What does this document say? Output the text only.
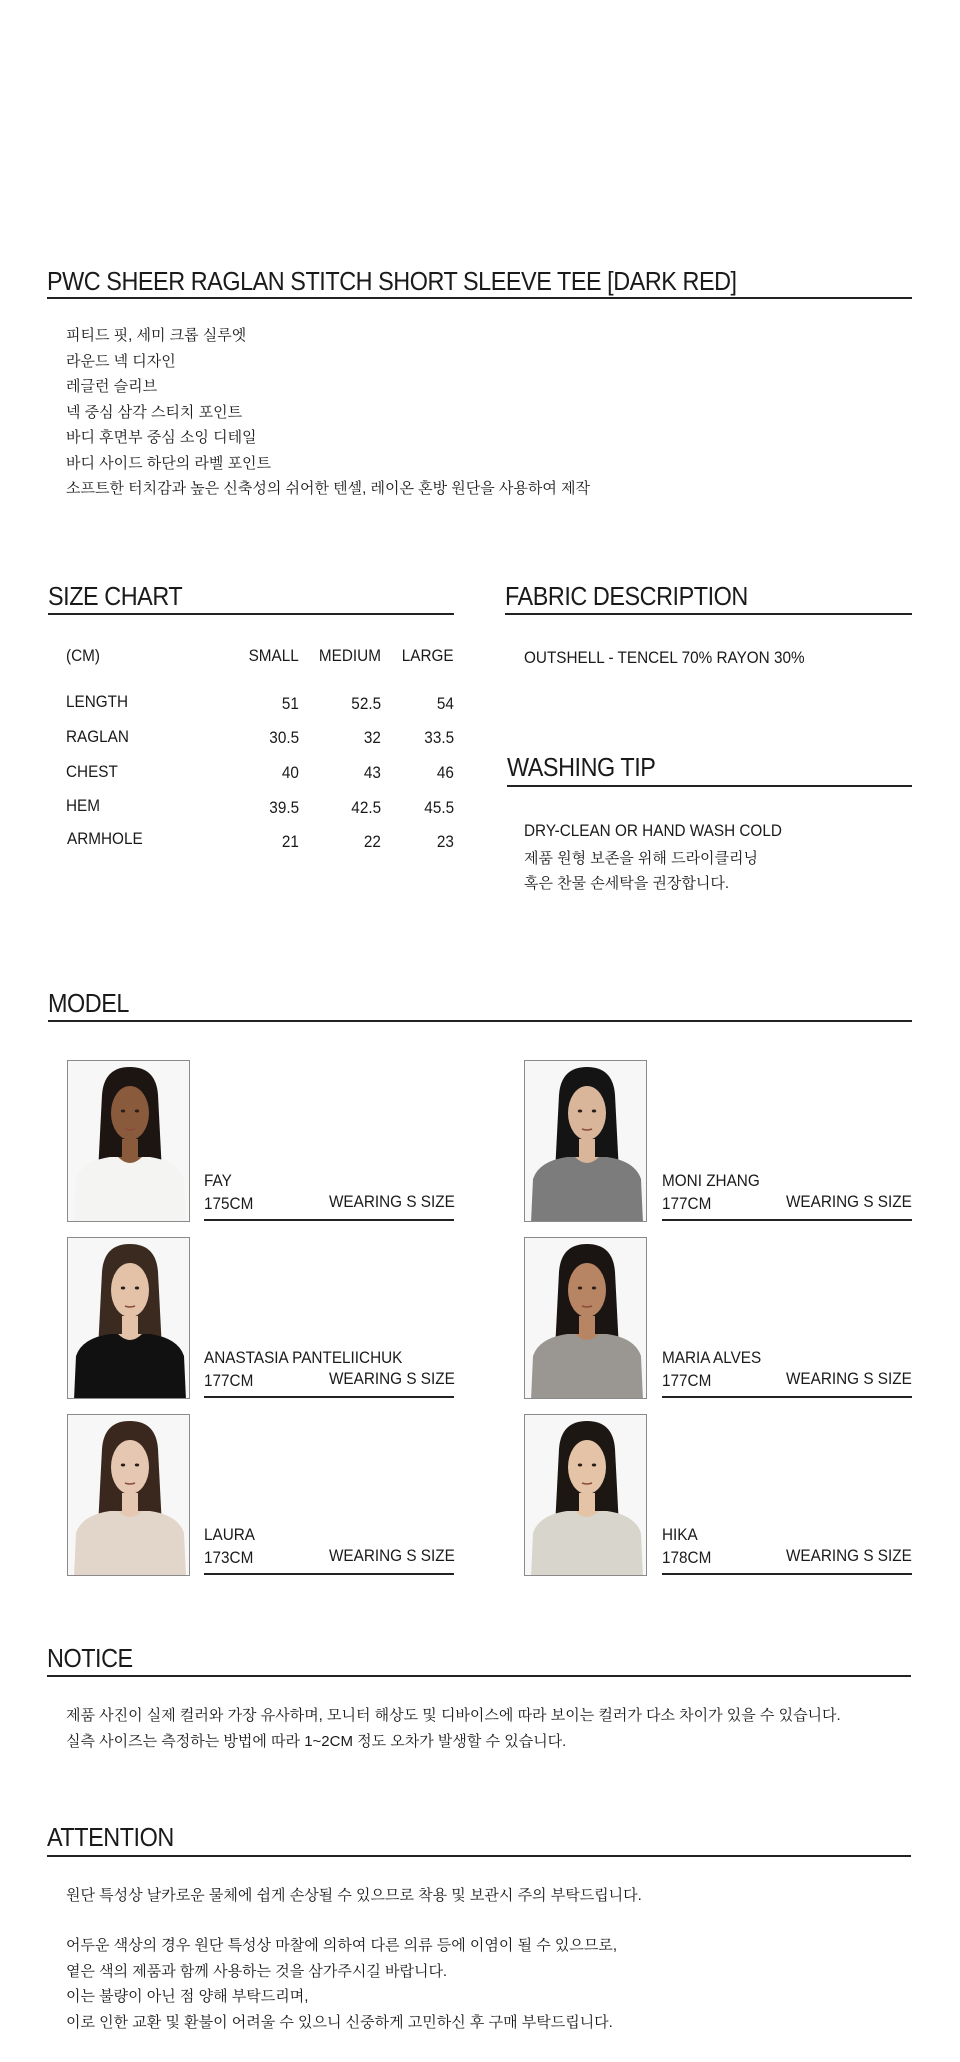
PWC SHEER RAGLAN STITCH SHORT SLEEVE TEE [DARK RED]
피티드 핏, 세미 크롭 실루엣
라운드 넥 디자인
레글런 슬리브
넥 중심 삼각 스티치 포인트
바디 후면부 중심 소잉 디테일
바디 사이드 하단의 라벨 포인트
소프트한 터치감과 높은 신축성의 쉬어한 텐셀, 레이온 혼방 원단을 사용하여 제작
SIZE CHART
(CM)	SMALL MEDIUM LARGE
LENGTH	51	52.5	54
RAGLAN	30.5	32	33.5
CHEST	40	43	46
HEM	39.5	42.5	45.5
ARMHOLE	21	22	23
FABRIC DESCRIPTION
OUTSHELL - TENCEL 70% RAYON 30%
WASHING TIP
DRY-CLEAN OR HAND WASH COLD
제품 원형 보존을 위해 드라이클리닝
혹은 찬물 손세탁을 권장합니다.
MODEL
FAY
175CM	WEARING S SIZE
MONI ZHANG
177CM	WEARING S SIZE
ANASTASIA PANTELIICHUK
177CM	WEARING S SIZE
MARIA ALVES
177CM	WEARING S SIZE
LAURA
173CM	WEARING S SIZE
HIKA
178CM	WEARING S SIZE
NOTICE
제품 사진이 실제 컬러와 가장 유사하며, 모니터 해상도 및 디바이스에 따라 보이는 컬러가 다소 차이가 있을 수 있습니다.
실측 사이즈는 측정하는 방법에 따라 1~2CM 정도 오차가 발생할 수 있습니다.
ATTENTION
원단 특성상 날카로운 물체에 쉽게 손상될 수 있으므로 착용 및 보관시 주의 부탁드립니다.
어두운 색상의 경우 원단 특성상 마찰에 의하여 다른 의류 등에 이염이 될 수 있으므로,
옅은 색의 제품과 함께 사용하는 것을 삼가주시길 바랍니다.
이는 불량이 아닌 점 양해 부탁드리며,
이로 인한 교환 및 환불이 어려울 수 있으니 신중하게 고민하신 후 구매 부탁드립니다.
